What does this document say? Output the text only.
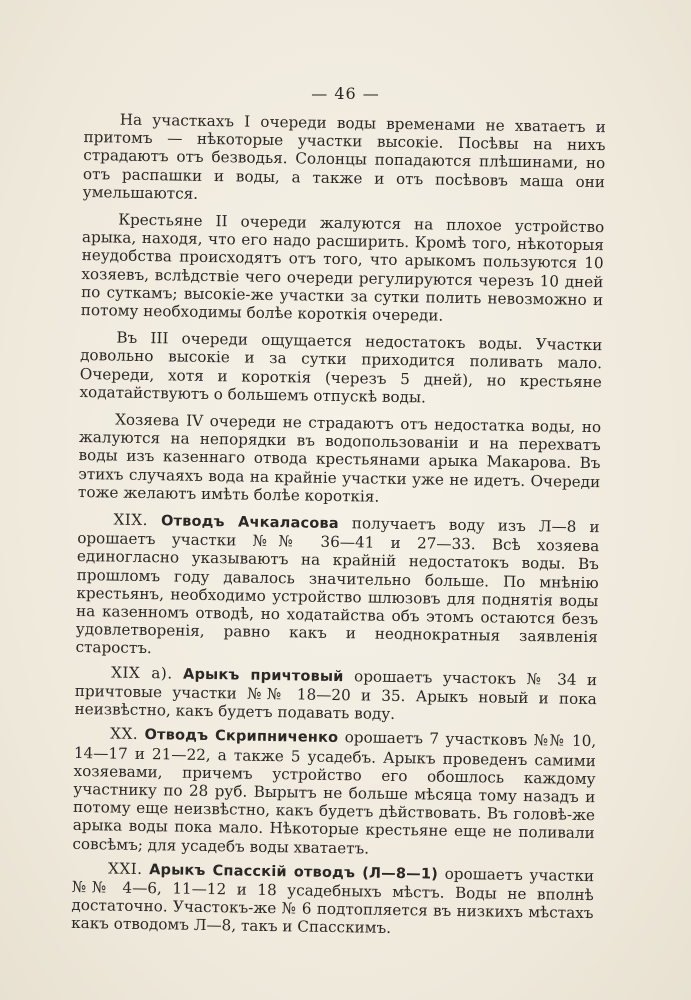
— 46 —

На участкахъ I очереди воды временами не хватаетъ и притомъ — нѣкоторые участки высокіе. Посѣвы на нихъ страдаютъ отъ безводья. Солонцы попадаются плѣшинами, но отъ распашки и воды, а также и отъ посѣвовъ маша они умельшаются.

Крестьяне II очереди жалуются на плохое устройство арыка, находя, что его надо расширить. Кромѣ того, нѣкоторыя неудобства происходятъ отъ того, что арыкомъ пользуются 10 хозяевъ, вслѣдствіе чего очереди регулируются черезъ 10 дней по суткамъ; высокіе-же участки за сутки полить невозможно и потому необходимы болѣе короткія очереди.

Въ III очереди ощущается недостатокъ воды. Участки довольно высокіе и за сутки приходится поливать мало. Очереди, хотя и короткія (черезъ 5 дней), но крестьяне ходатайствуютъ о большемъ отпускѣ воды.

Хозяева IV очереди не страдаютъ отъ недостатка воды, но жалуются на непорядки въ водопользованіи и на перехватъ воды изъ казеннаго отвода крестьянами арыка Макарова. Въ этихъ случаяхъ вода на крайніе участки уже не идетъ. Очереди тоже желаютъ имѣть болѣе короткія.

XIX. Отводъ Ачкаласова получаетъ воду изъ Л—8 и орошаетъ участки №№ 36—41 и 27—33. Всѣ хозяева единогласно указываютъ на крайній недостатокъ воды. Въ прошломъ году давалось значительно больше. По мнѣнію крестьянъ, необходимо устройство шлюзовъ для поднятія воды на казенномъ отводѣ, но ходатайства объ этомъ остаются безъ удовлетворенія, равно какъ и неоднократныя заявленія старостъ.

XIX а). Арыкъ причтовый орошаетъ участокъ № 34 и причтовые участки №№ 18—20 и 35. Арыкъ новый и пока неизвѣстно, какъ будетъ подавать воду.

XX. Отводъ Скрипниченко орошаетъ 7 участковъ №№ 10, 14—17 и 21—22, а также 5 усадебъ. Арыкъ проведенъ самими хозяевами, причемъ устройство его обошлось каждому участнику по 28 руб. Вырытъ не больше мѣсяца тому назадъ и потому еще неизвѣстно, какъ будетъ дѣйствовать. Въ головѣ-же арыка воды пока мало. Нѣкоторые крестьяне еще не поливали совсѣмъ; для усадебъ воды хватаетъ.

XXI. Арыкъ Спасскій отводъ (Л—8—1) орошаетъ участки №№ 4—6, 11—12 и 18 усадебныхъ мѣстъ. Воды не вполнѣ достаточно. Участокъ-же № 6 подтопляется въ низкихъ мѣстахъ какъ отводомъ Л—8, такъ и Спасскимъ.
